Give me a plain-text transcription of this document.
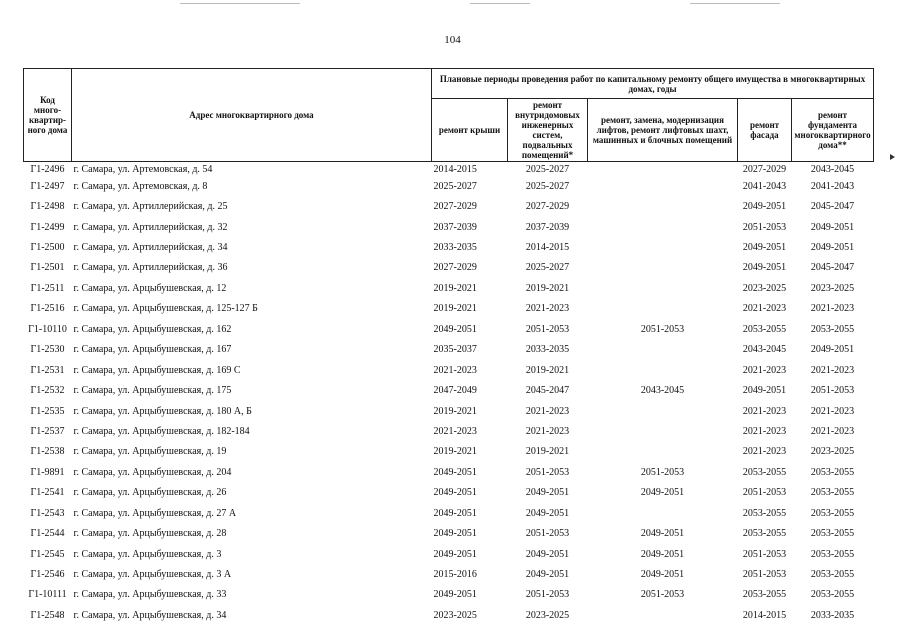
104
Код много-квартир-ного дома	Адрес многоквартирного дома	Плановые периоды проведения работ по капитальному ремонту общего имущества в многоквартирных домах, годы				
		ремонт крыши	ремонт внутридомовых инженерных систем, подвальных помещений*	ремонт, замена, модернизация лифтов, ремонт лифтовых шахт, машинных и блочных помещений	ремонт фасада	ремонт фундамента многоквартирного дома**
Г1-2496	г. Самара, ул. Артемовская, д. 54	2014-2015	2025-2027		2027-2029	2043-2045
Г1-2497	г. Самара, ул. Артемовская, д. 8	2025-2027	2025-2027		2041-2043	2041-2043
Г1-2498	г. Самара, ул. Артиллерийская, д. 25	2027-2029	2027-2029		2049-2051	2045-2047
Г1-2499	г. Самара, ул. Артиллерийская, д. 32	2037-2039	2037-2039		2051-2053	2049-2051
Г1-2500	г. Самара, ул. Артиллерийская, д. 34	2033-2035	2014-2015		2049-2051	2049-2051
Г1-2501	г. Самара, ул. Артиллерийская, д. 36	2027-2029	2025-2027		2049-2051	2045-2047
Г1-2511	г. Самара, ул. Арцыбушевская, д. 12	2019-2021	2019-2021		2023-2025	2023-2025
Г1-2516	г. Самара, ул. Арцыбушевская, д. 125-127 Б	2019-2021	2021-2023		2021-2023	2021-2023
Г1-10110	г. Самара, ул. Арцыбушевская, д. 162	2049-2051	2051-2053	2051-2053	2053-2055	2053-2055
Г1-2530	г. Самара, ул. Арцыбушевская, д. 167	2035-2037	2033-2035		2043-2045	2049-2051
Г1-2531	г. Самара, ул. Арцыбушевская, д. 169 С	2021-2023	2019-2021		2021-2023	2021-2023
Г1-2532	г. Самара, ул. Арцыбушевская, д. 175	2047-2049	2045-2047	2043-2045	2049-2051	2051-2053
Г1-2535	г. Самара, ул. Арцыбушевская, д. 180 А, Б	2019-2021	2021-2023		2021-2023	2021-2023
Г1-2537	г. Самара, ул. Арцыбушевская, д. 182-184	2021-2023	2021-2023		2021-2023	2021-2023
Г1-2538	г. Самара, ул. Арцыбушевская, д. 19	2019-2021	2019-2021		2021-2023	2023-2025
Г1-9891	г. Самара, ул. Арцыбушевская, д. 204	2049-2051	2051-2053	2051-2053	2053-2055	2053-2055
Г1-2541	г. Самара, ул. Арцыбушевская, д. 26	2049-2051	2049-2051	2049-2051	2051-2053	2053-2055
Г1-2543	г. Самара, ул. Арцыбушевская, д. 27 А	2049-2051	2049-2051		2053-2055	2053-2055
Г1-2544	г. Самара, ул. Арцыбушевская, д. 28	2049-2051	2051-2053	2049-2051	2053-2055	2053-2055
Г1-2545	г. Самара, ул. Арцыбушевская, д. 3	2049-2051	2049-2051	2049-2051	2051-2053	2053-2055
Г1-2546	г. Самара, ул. Арцыбушевская, д. 3 А	2015-2016	2049-2051	2049-2051	2051-2053	2053-2055
Г1-10111	г. Самара, ул. Арцыбушевская, д. 33	2049-2051	2051-2053	2051-2053	2053-2055	2053-2055
Г1-2548	г. Самара, ул. Арцыбушевская, д. 34	2023-2025	2023-2025		2014-2015	2033-2035
